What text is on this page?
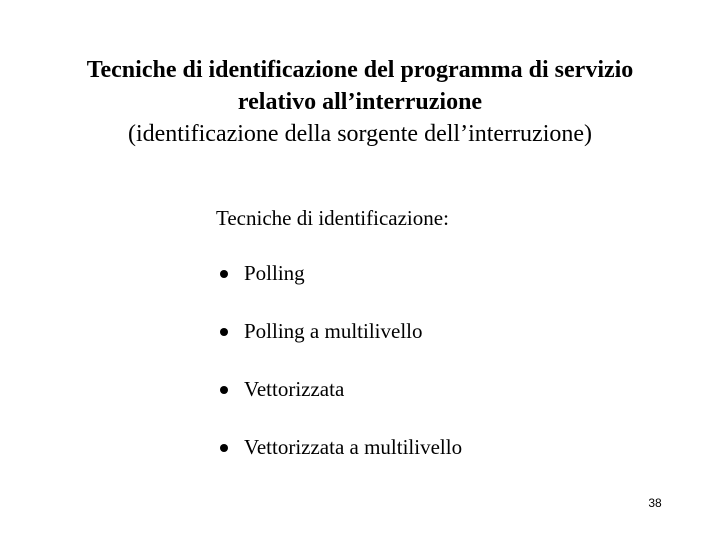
Tecniche di identificazione del programma di servizio
relativo all’interruzione
(identificazione della sorgente dell’interruzione)
Tecniche di identificazione:
Polling
Polling a multilivello
Vettorizzata
Vettorizzata a multilivello
38
